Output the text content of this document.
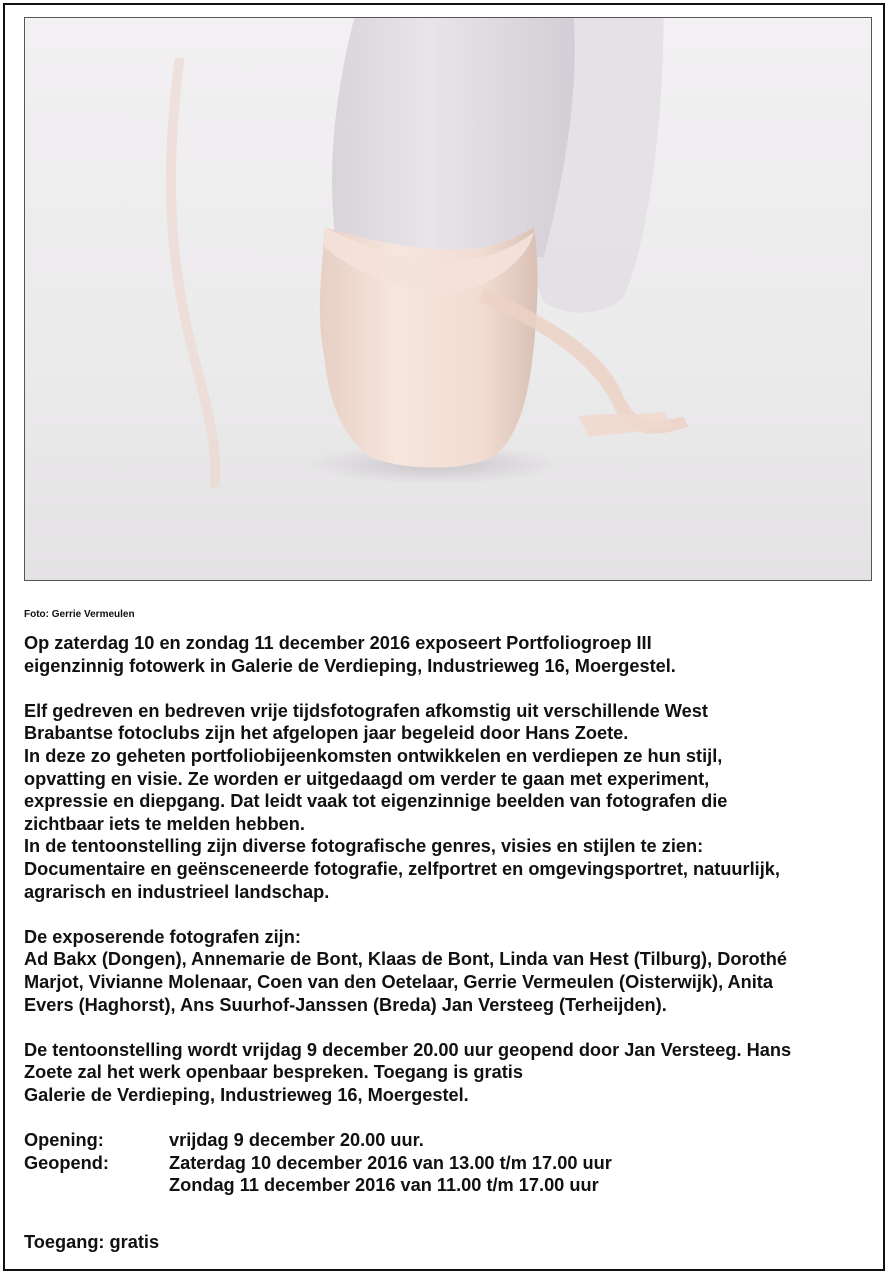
Foto: Gerrie Vermeulen

Op zaterdag 10 en zondag 11 december 2016 exposeert Portfoliogroep III

eigenzinnig fotowerk in Galerie de Verdieping, Industrieweg 16, Moergestel.

Elf gedreven en bedreven vrije tijdsfotografen afkomstig uit verschillende West

Brabantse fotoclubs zijn het afgelopen jaar begeleid door Hans Zoete.

In deze zo geheten portfoliobijeenkomsten ontwikkelen en verdiepen ze hun stijl,

opvatting en visie. Ze worden er uitgedaagd om verder te gaan met experiment,

expressie en diepgang. Dat leidt vaak tot eigenzinnige beelden van fotografen die

zichtbaar iets te melden hebben.

In de tentoonstelling zijn diverse fotografische genres, visies en stijlen te zien:

Documentaire en geënsceneerde fotografie, zelfportret en omgevingsportret, natuurlijk,

agrarisch en industrieel landschap.

De exposerende fotografen zijn:

Ad Bakx (Dongen), Annemarie de Bont, Klaas de Bont, Linda van Hest (Tilburg), Dorothé

Marjot, Vivianne Molenaar, Coen van den Oetelaar, Gerrie Vermeulen (Oisterwijk), Anita

Evers (Haghorst), Ans Suurhof-Janssen (Breda) Jan Versteeg (Terheijden).

De tentoonstelling wordt vrijdag 9 december 20.00 uur geopend door Jan Versteeg. Hans

Zoete zal het werk openbaar bespreken. Toegang is gratis

Galerie de Verdieping, Industrieweg 16, Moergestel.

Opening:	vrijdag 9 december 20.00 uur.
Geopend:	Zaterdag 10 december 2016 van 13.00 t/m 17.00 uur
Zondag 11 december 2016 van 11.00 t/m 17.00 uur
Toegang: gratis
